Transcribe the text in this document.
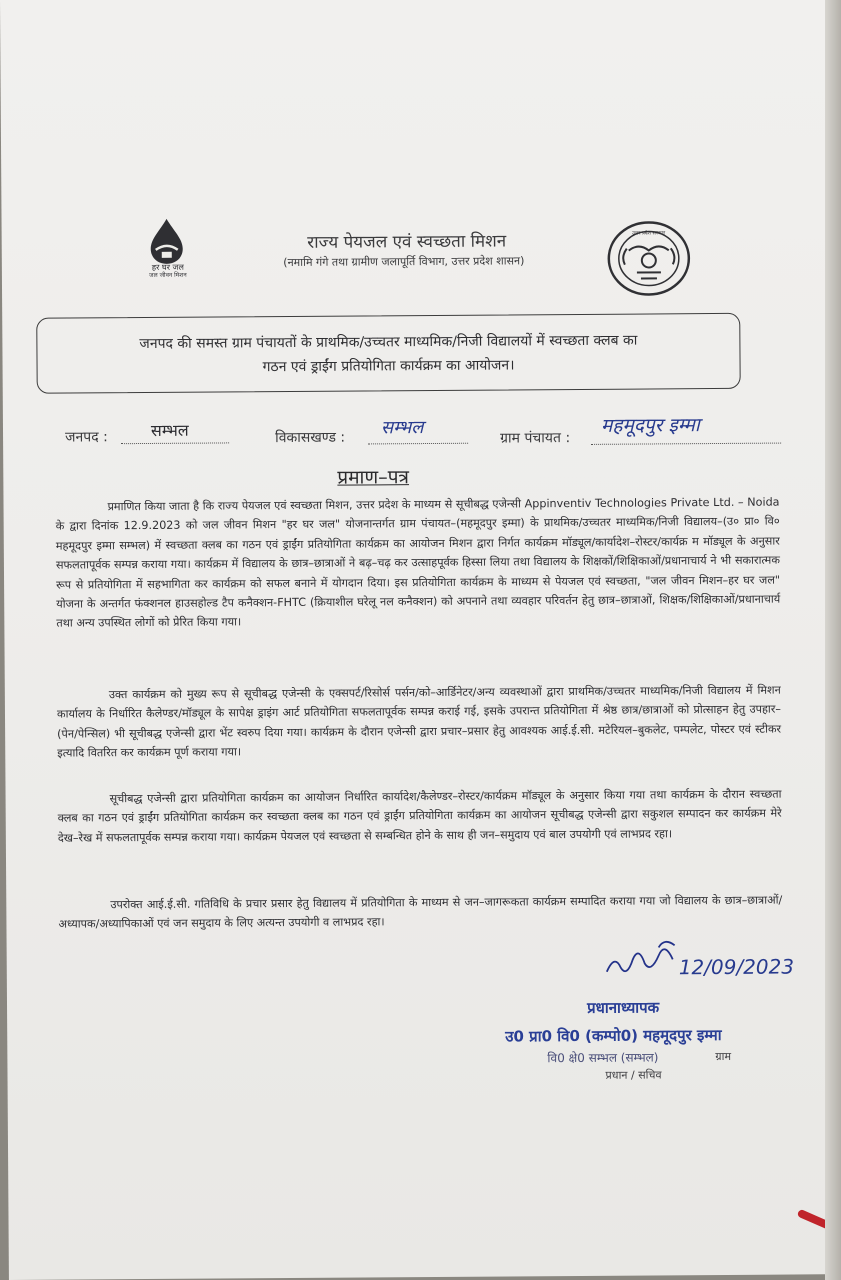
हर घर जल
जल जीवन मिशन
राज्य पेयजल एवं स्वच्छता मिशन
(नमामि गंगे तथा ग्रामीण जलापूर्ति विभाग, उत्तर प्रदेश शासन)
उत्तर प्रदेश सरकार
जनपद की समस्त ग्राम पंचायतों के प्राथमिक/उच्चतर माध्यमिक/निजी विद्यालयों में स्वच्छता क्लब का
गठन एवं ड्राईंग प्रतियोगिता कार्यक्रम का आयोजन।
जनपद :	सम्भल	विकासखण्ड : सम्भल	ग्राम पंचायत :
महमूदपुर इम्मा
प्रमाण–पत्र

प्रमाणित किया जाता है कि राज्य पेयजल एवं स्वच्छता मिशन, उत्तर प्रदेश के माध्यम से सूचीबद्ध एजेन्सी Appinventiv Technologies Private Ltd. – Noida के द्वारा दिनांक 12.9.2023 को जल जीवन मिशन "हर घर जल" योजनान्तर्गत ग्राम पंचायत–(महमूदपुर इम्मा) के प्राथमिक/उच्चतर माध्यमिक/निजी विद्यालय–(उ० प्रा० वि० महमूदपुर इम्मा सम्भल) में स्वच्छता क्लब का गठन एवं ड्राईंग प्रतियोगिता कार्यक्रम का आयोजन मिशन द्वारा निर्गत कार्यक्रम मॉड्यूल/कार्यादेश–रोस्टर/कार्यक्र म मॉड्यूल के अनुसार सफलतापूर्वक सम्पन्न कराया गया। कार्यक्रम में विद्यालय के छात्र–छात्राओं ने बढ़–चढ़ कर उत्साहपूर्वक हिस्सा लिया तथा विद्यालय के शिक्षकों/शिक्षिकाओं/प्रधानाचार्य ने भी सकारात्मक रूप से प्रतियोगिता में सहभागिता कर कार्यक्रम को सफल बनाने में योगदान दिया। इस प्रतियोगिता कार्यक्रम के माध्यम से पेयजल एवं स्वच्छता, "जल जीवन मिशन–हर घर जल" योजना के अन्तर्गत फंक्शनल हाउसहोल्ड टैप कनैक्शन-FHTC (क्रियाशील घरेलू नल कनैक्शन) को अपनाने तथा व्यवहार परिवर्तन हेतु छात्र–छात्राओं, शिक्षक/शिक्षिकाओं/प्रधानाचार्य तथा अन्य उपस्थित लोगों को प्रेरित किया गया।

उक्त कार्यक्रम को मुख्य रूप से सूचीबद्ध एजेन्सी के एक्सपर्ट/रिसोर्स पर्सन/को–आर्डिनेटर/अन्य व्यवस्थाओं द्वारा प्राथमिक/उच्चतर माध्यमिक/निजी विद्यालय में मिशन कार्यालय के निर्धारित कैलेण्डर/मॉड्यूल के सापेक्ष ड्राइंग आर्ट प्रतियोगिता सफलतापूर्वक सम्पन्न कराई गई, इसके उपरान्त प्रतियोगिता में श्रेष्ठ छात्र/छात्राओं को प्रोत्साहन हेतु उपहार–(पेन/पेन्सिल) भी सूचीबद्ध एजेन्सी द्वारा भेंट स्वरुप दिया गया। कार्यक्रम के दौरान एजेन्सी द्वारा प्रचार–प्रसार हेतु आवश्यक आई.ई.सी. मटेरियल–बुकलेट, पम्पलेट, पोस्टर एवं स्टीकर इत्यादि वितरित कर कार्यक्रम पूर्ण कराया गया।

सूचीबद्ध एजेन्सी द्वारा प्रतियोगिता कार्यक्रम का आयोजन निर्धारित कार्यादेश/कैलेण्डर–रोस्टर/कार्यक्रम मॉड्यूल के अनुसार किया गया तथा कार्यक्रम के दौरान स्वच्छता क्लब का गठन एवं ड्राईंग प्रतियोगिता कार्यक्रम कर स्वच्छता क्लब का गठन एवं ड्राईंग प्रतियोगिता कार्यक्रम का आयोजन सूचीबद्ध एजेन्सी द्वारा सकुशल सम्पादन कर कार्यक्रम मेरे देख–रेख में सफलतापूर्वक सम्पन्न कराया गया। कार्यक्रम पेयजल एवं स्वच्छता से सम्बन्धित होने के साथ ही जन–समुदाय एवं बाल उपयोगी एवं लाभप्रद रहा।

उपरोक्त आई.ई.सी. गतिविधि के प्रचार प्रसार हेतु विद्यालय में प्रतियोगिता के माध्यम से जन–जागरूकता कार्यक्रम सम्पादित कराया गया जो विद्यालय के छात्र–छात्राओं/अध्यापक/अध्यापिकाओं एवं जन समुदाय के लिए अत्यन्त उपयोगी व लाभप्रद रहा।

12/09/2023
प्रधानाध्यापक
उ0 प्रा0 वि0 (कम्पो0) महमूदपुर इम्मा
वि0 क्षे0 सम्भल (सम्भल)	ग्राम
प्रधान / सचिव
